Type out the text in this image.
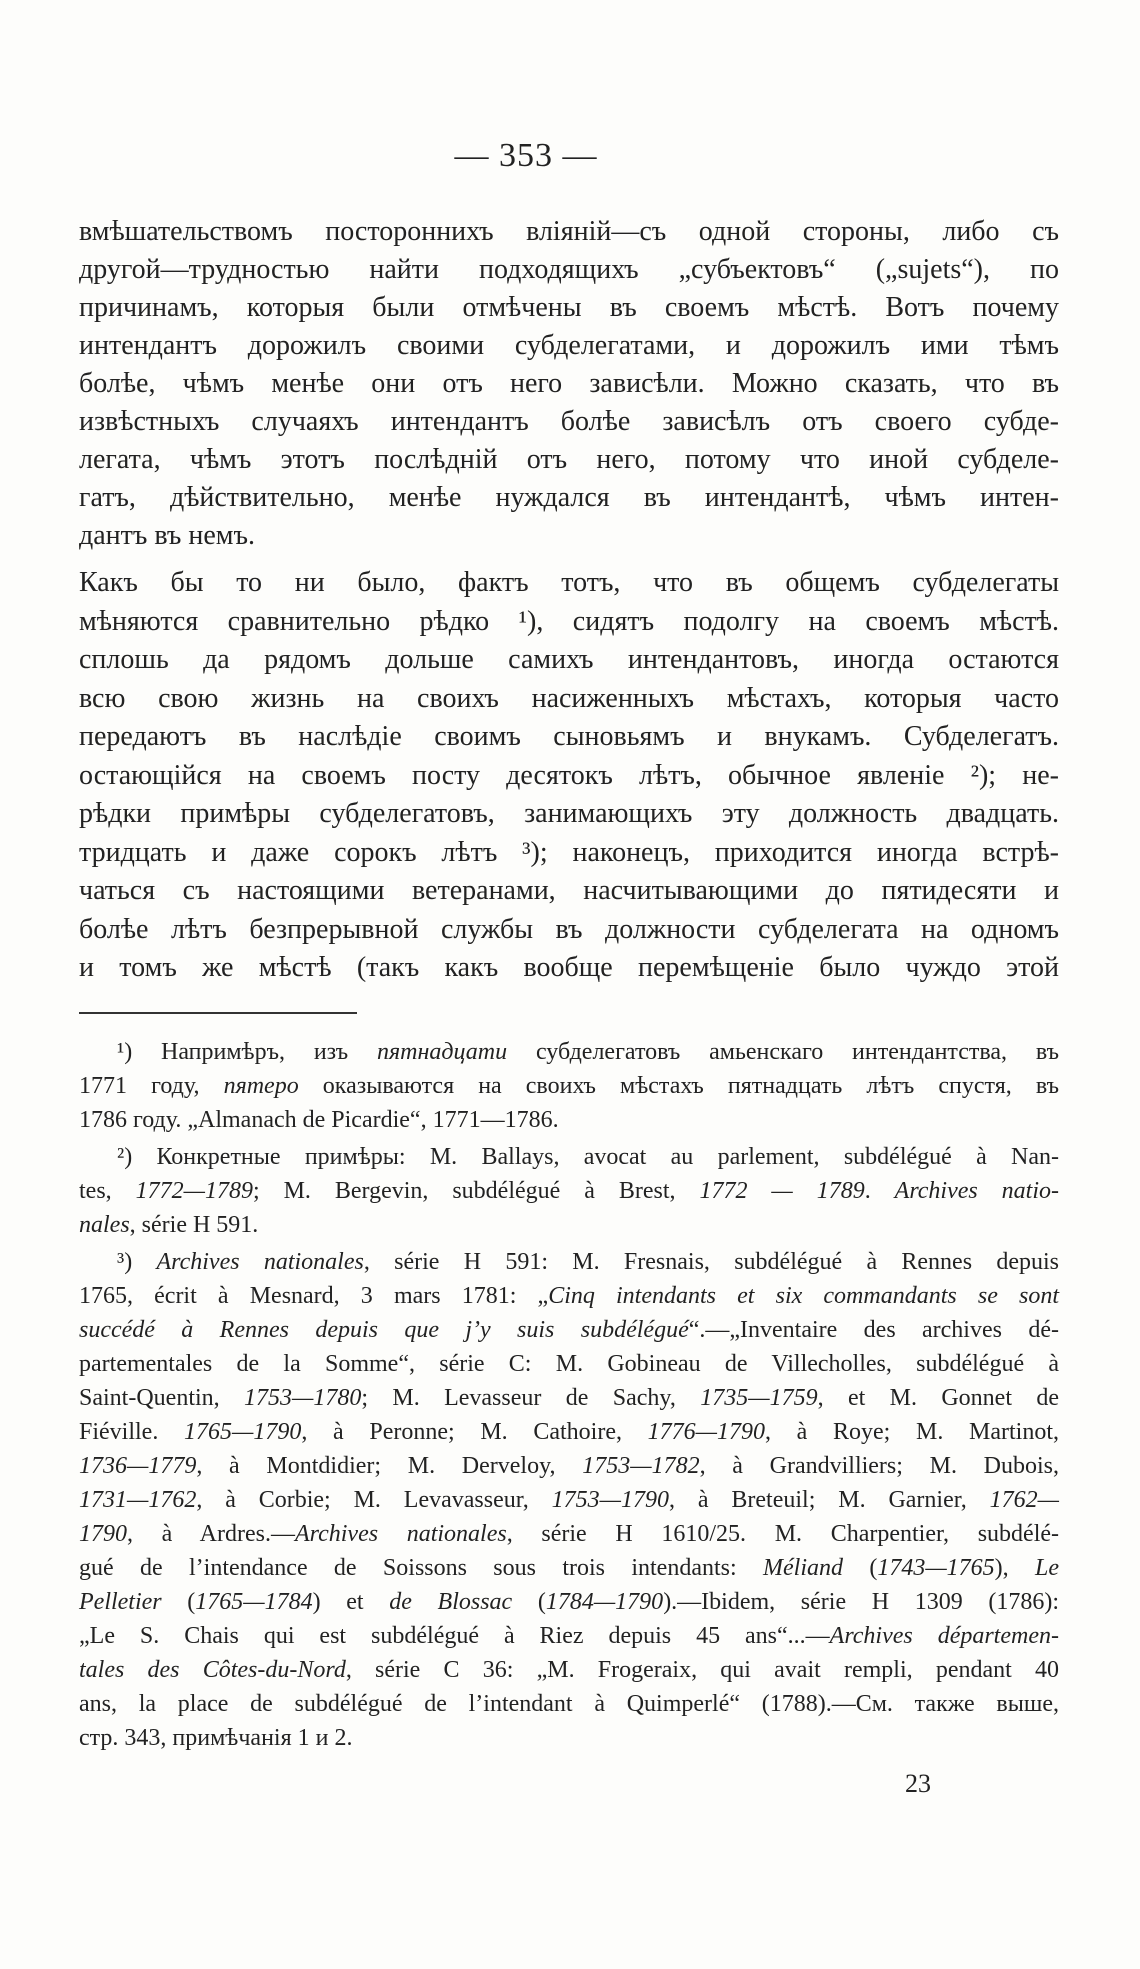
— 353 —
вмѣшательствомъ постороннихъ вліяній—съ одной стороны, либо съ
другой—трудностью найти подходящихъ „субъектовъ“ („sujets“), по
причинамъ, которыя были отмѣчены въ своемъ мѣстѣ. Вотъ почему
интендантъ дорожилъ своими субделегатами, и дорожилъ ими тѣмъ
болѣе, чѣмъ менѣе они отъ него зависѣли. Можно сказать, что въ
извѣстныхъ случаяхъ интендантъ болѣе зависѣлъ отъ своего субде-
легата, чѣмъ этотъ послѣдній отъ него, потому что иной субделе-
гатъ, дѣйствительно, менѣе нуждался въ интендантѣ, чѣмъ интен-
дантъ въ немъ.
Какъ бы то ни было, фактъ тотъ, что въ общемъ субделегаты
мѣняются сравнительно рѣдко ¹), сидятъ подолгу на своемъ мѣстѣ.
сплошь да рядомъ дольше самихъ интендантовъ, иногда остаются
всю свою жизнь на своихъ насиженныхъ мѣстахъ, которыя часто
передаютъ въ наслѣдіе своимъ сыновьямъ и внукамъ. Субделегатъ.
остающійся на своемъ посту десятокъ лѣтъ, обычное явленіе ²); не-
рѣдки примѣры субделегатовъ, занимающихъ эту должность двадцать.
тридцать и даже сорокъ лѣтъ ³); наконецъ, приходится иногда встрѣ-
чаться съ настоящими ветеранами, насчитывающими до пятидесяти и
болѣе лѣтъ безпрерывной службы въ должности субделегата на одномъ
и томъ же мѣстѣ (такъ какъ вообще перемѣщеніе было чуждо этой
¹) Напримѣръ, изъ пятнадцати субделегатовъ амьенскаго интендантства, въ
1771 году, пятеро оказываются на своихъ мѣстахъ пятнадцать лѣтъ спустя, въ
1786 году. „Almanach de Picardie“, 1771—1786.
²) Конкретные примѣры: M. Ballays, avocat au parlement, subdélégué à Nan-
tes, 1772—1789; M. Bergevin, subdélégué à Brest, 1772 — 1789. Archives natio-
nales, série H 591.
³) Archives nationales, série H 591: M. Fresnais, subdélégué à Rennes depuis
1765, écrit à Mesnard, 3 mars 1781: „Cinq intendants et six commandants se sont
succédé à Rennes depuis que j’y suis subdélégué“.—„Inventaire des archives dé-
partementales de la Somme“, série C: M. Gobineau de Villecholles, subdélégué à
Saint-Quentin, 1753—1780; M. Levasseur de Sachy, 1735—1759, et M. Gonnet de
Fiéville. 1765—1790, à Peronne; M. Cathoire, 1776—1790, à Roye; M. Martinot,
1736—1779, à Montdidier; M. Derveloy, 1753—1782, à Grandvilliers; M. Dubois,
1731—1762, à Corbie; M. Levavasseur, 1753—1790, à Breteuil; M. Garnier, 1762—
1790, à Ardres.—Archives nationales, série H 1610/25. M. Charpentier, subdélé-
gué de l’intendance de Soissons sous trois intendants: Méliand (1743—1765), Le
Pelletier (1765—1784) et de Blossac (1784—1790).—Ibidem, série H 1309 (1786):
„Le S. Chais qui est subdélégué à Riez depuis 45 ans“...—Archives départemen-
tales des Côtes-du-Nord, série C 36: „M. Frogeraix, qui avait rempli, pendant 40
ans, la place de subdélégué de l’intendant à Quimperlé“ (1788).—См. также выше,
стр. 343, примѣчанія 1 и 2.
23
